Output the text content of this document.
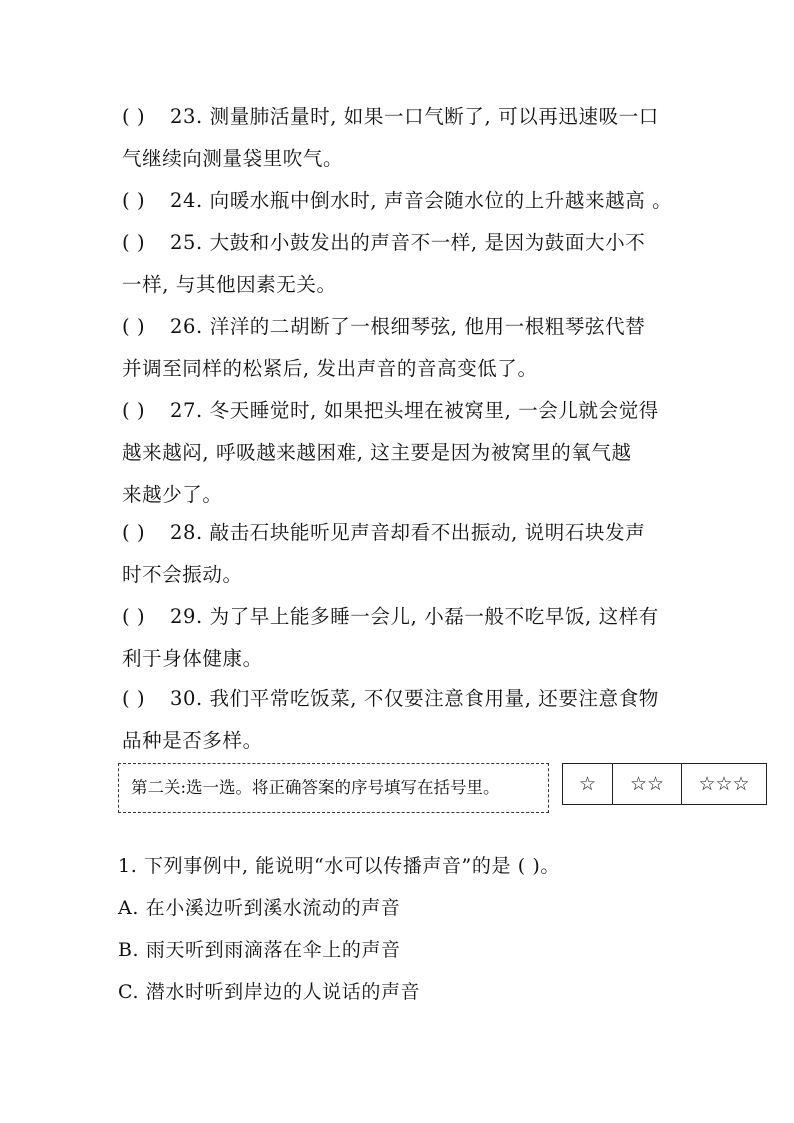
( ) 23. 测量肺活量时, 如果一口气断了, 可以再迅速吸一口
气继续向测量袋里吹气。
( ) 24. 向暖水瓶中倒水时, 声音会随水位的上升越来越高 。
( ) 25. 大鼓和小鼓发出的声音不一样, 是因为鼓面大小不
一样, 与其他因素无关。
( ) 26. 洋洋的二胡断了一根细琴弦, 他用一根粗琴弦代替
并调至同样的松紧后, 发出声音的音高变低了。
( ) 27. 冬天睡觉时, 如果把头埋在被窝里, 一会儿就会觉得
越来越闷, 呼吸越来越困难, 这主要是因为被窝里的氧气越
来越少了。
( ) 28. 敲击石块能听见声音却看不出振动, 说明石块发声
时不会振动。
( ) 29. 为了早上能多睡一会儿, 小磊一般不吃早饭, 这样有
利于身体健康。
( ) 30. 我们平常吃饭菜, 不仅要注意食用量, 还要注意食物
品种是否多样。
第二关:选一选。将正确答案的序号填写在括号里。	☆	☆☆	☆☆☆
1. 下列事例中, 能说明“水可以传播声音”的是 ( )。
A. 在小溪边听到溪水流动的声音
B. 雨天听到雨滴落在伞上的声音
C. 潜水时听到岸边的人说话的声音
